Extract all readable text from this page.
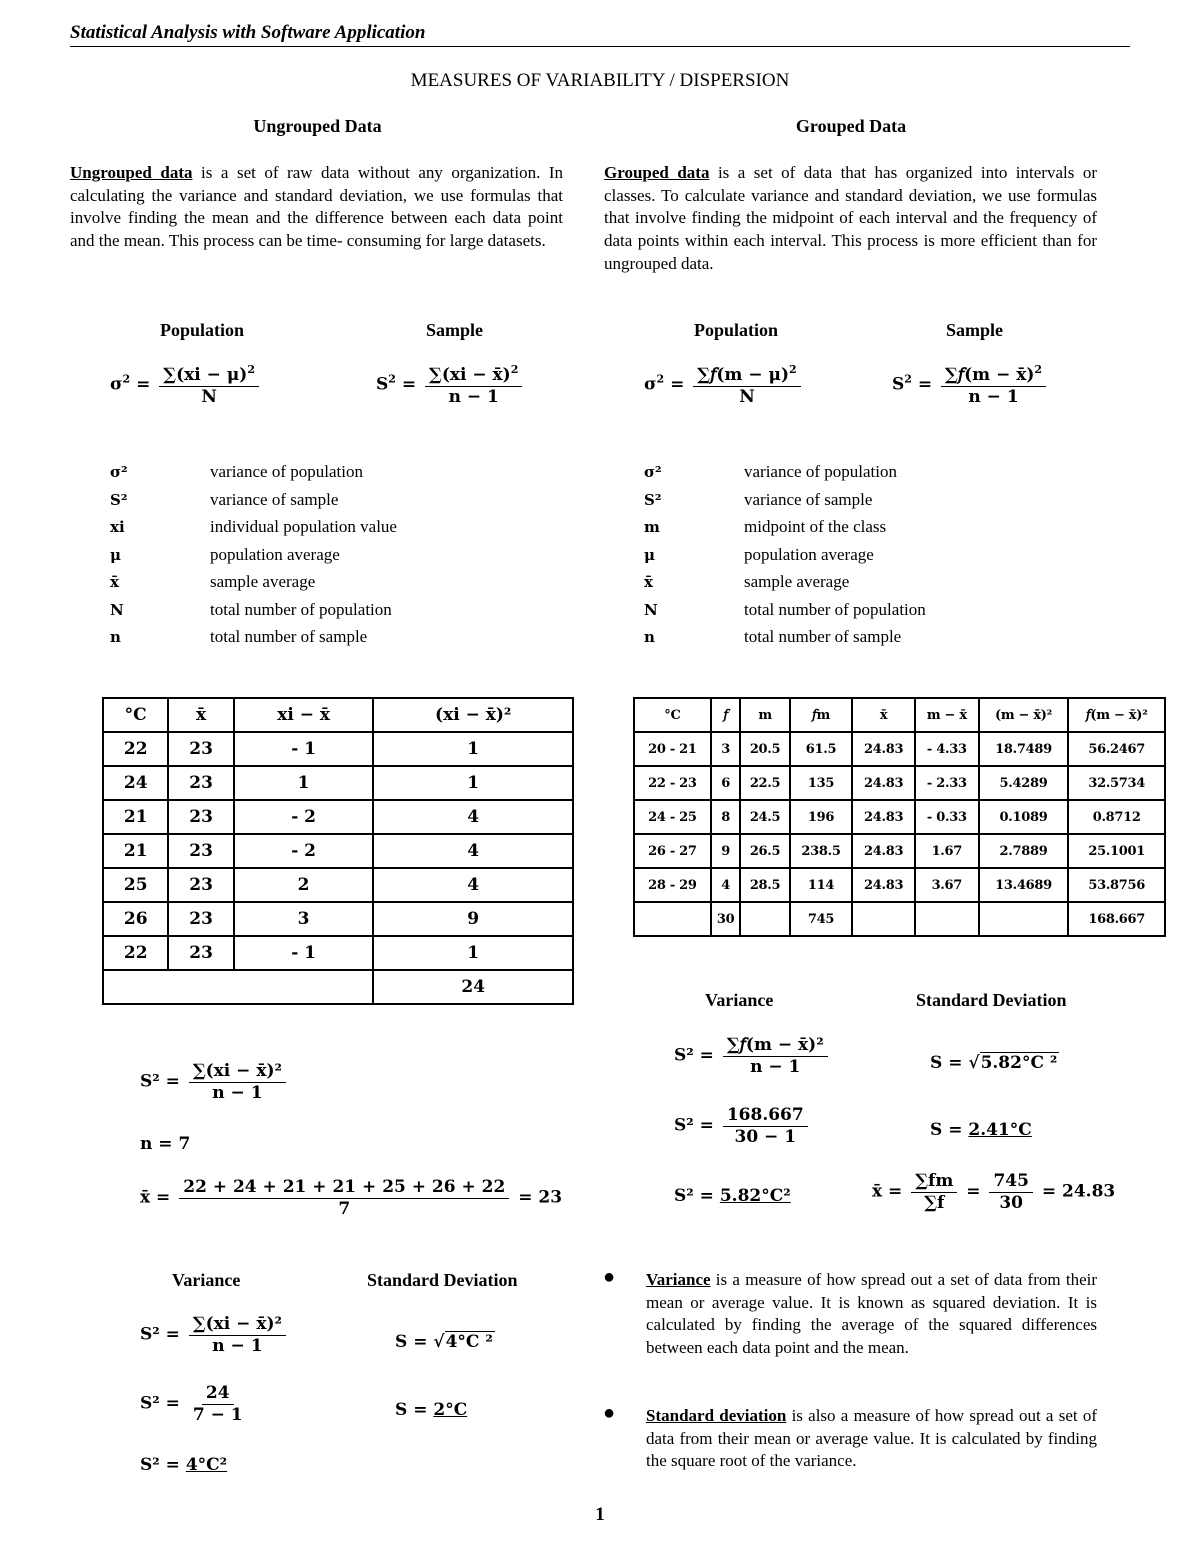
Statistical Analysis with Software Application
MEASURES OF VARIABILITY / DISPERSION
Ungrouped Data	Grouped Data
Ungrouped data is a set of raw data without any organization. In calculating the variance and standard deviation, we use formulas that involve finding the mean and the difference between each data point and the mean. This process can be time- consuming for large datasets.
Grouped data is a set of data that has organized into intervals or classes. To calculate variance and standard deviation, we use formulas that involve finding the midpoint of each interval and the frequency of data points within each interval. This process is more efficient than for ungrouped data.
Population	Sample	Population	Sample
$\sigma^2 = \frac{\sum(xi - \mu)^2}{N}$	$S^2 = \frac{\sum(xi - x̄)^2}{n - 1}$	$\sigma^2 = \frac{\sum 𝑓(m - \mu)^2}{N}$	$S^2 = \frac{\sum 𝑓(m - x̄)^2}{n - 1}$
σ²	variance of population
S²	variance of sample
xi	individual population value
μ	population average
x̄	sample average
N	total number of population
n	total number of sample
σ²	variance of population
S²	variance of sample
m	midpoint of the class
μ	population average
x̄	sample average
N	total number of population
n	total number of sample
°C	x̄	xi − x̄	(xi − x̄)²
22	23	- 1	1
24	23	1	1
21	23	- 2	4
21	23	- 2	4
25	23	2	4
26	23	3	9
22	23	- 1	1
			24
°C	𝑓	m	𝑓m	x̄	m − x̄	(m − x̄)²	𝑓(m − x̄)²
20 - 21	3	20.5	61.5	24.83	- 4.33	18.7489	56.2467
22 - 23	6	22.5	135	24.83	- 2.33	5.4289	32.5734
24 - 25	8	24.5	196	24.83	- 0.33	0.1089	0.8712
26 - 27	9	26.5	238.5	24.83	1.67	2.7889	25.1001
28 - 29	4	28.5	114	24.83	3.67	13.4689	53.8756
	30		745				168.667
$S^2 = \frac{\text{∑(xi − x̄)²}}{n - 1}$
n = 7
x̄ = $\frac{22 + 24 + 21 + 21 + 25 + 26 + 22}{7} = 23$
Variance	Standard Deviation
$S^2 = \frac{\text{∑(xi − x̄)²}}{n - 1}$
$S^2 = \frac{24}{7 - 1}$
S² = 4°C²
S = √4°C ²
S = 2°C
Variance	Standard Deviation
$S^2 = \frac{\text{∑𝑓(m − x̄)²}}{n - 1}$
$S^2 = \frac{168.667}{30 - 1}$
S² = 5.82°C²
S = √5.82°C ²
S = 2.41°C
x̄ = $\frac{\sum fm}{\sum f} = \frac{745}{30} = 24.83$
● Variance is a measure of how spread out a set of data from their mean or average value. It is known as squared deviation. It is calculated by finding the average of the squared differences between each data point and the mean.
● Standard deviation is also a measure of how spread out a set of data from their mean or average value. It is calculated by finding the square root of the variance.
1
